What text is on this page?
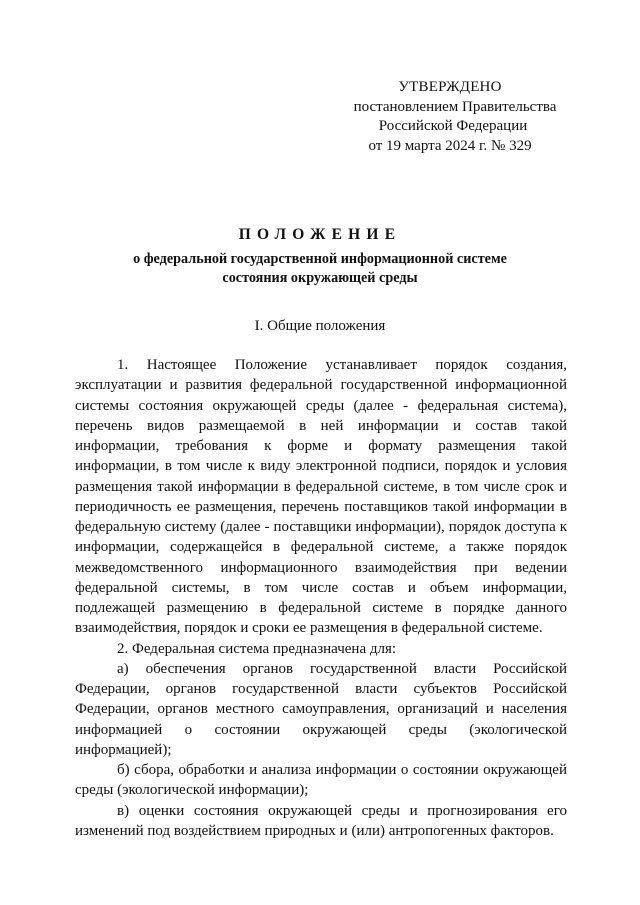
УТВЕРЖДЕНО
постановлением Правительства
Российской Федерации
от 19 марта 2024 г. № 329
ПОЛОЖЕНИЕ
о федеральной государственной информационной системе
состояния окружающей среды
I. Общие положения

1. Настоящее Положение устанавливает порядок создания, эксплуатации и развития федеральной государственной информационной системы состояния окружающей среды (далее - федеральная система), перечень видов размещаемой в ней информации и состав такой информации, требования к форме и формату размещения такой информации, в том числе к виду электронной подписи, порядок и условия размещения такой информации в федеральной системе, в том числе срок и периодичность ее размещения, перечень поставщиков такой информации в федеральную систему (далее - поставщики информации), порядок доступа к информации, содержащейся в федеральной системе, а также порядок межведомственного информационного взаимодействия при ведении федеральной системы, в том числе состав и объем информации, подлежащей размещению в федеральной системе в порядке данного взаимодействия, порядок и сроки ее размещения в федеральной системе.

2. Федеральная система предназначена для:

а) обеспечения органов государственной власти Российской Федерации, органов государственной власти субъектов Российской Федерации, органов местного самоуправления, организаций и населения информацией о состоянии окружающей среды (экологической информацией);

б) сбора, обработки и анализа информации о состоянии окружающей среды (экологической информации);

в) оценки состояния окружающей среды и прогнозирования его изменений под воздействием природных и (или) антропогенных факторов.
